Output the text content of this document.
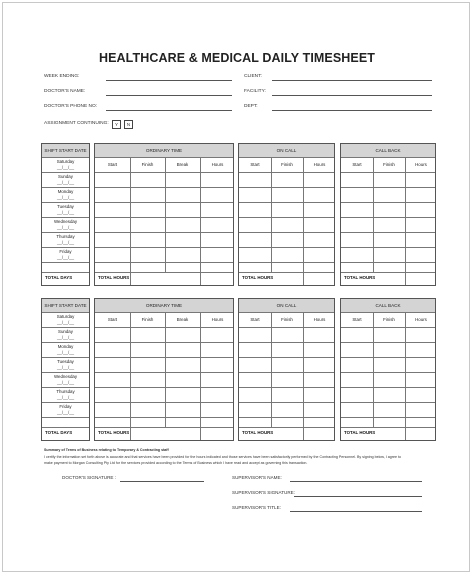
HEALTHCARE & MEDICAL DAILY TIMESHEET
WEEK ENDING:
DOCTOR'S NAME:
DOCTOR'S PHONE NO:
ASSIGNMENT CONTINUING:	Y	N
CLIENT:
FACILITY:
DEPT:
SHIFT START DATE
Saturday
__/__/__
Sunday
__/__/__
Monday
__/__/__
Tuesday
__/__/__
Wednesday
__/__/__
Thursday
__/__/__
Friday
__/__/__
TOTAL DAYS
ORDINARY TIME
Start	Finish	Break	Hours
TOTAL HOURS
ON CALL
Start	Finish	Hours
TOTAL HOURS
CALL BACK
Start	Finish	Hours
TOTAL HOURS
SHIFT START DATE
Saturday
__/__/__
Sunday
__/__/__
Monday
__/__/__
Tuesday
__/__/__
Wednesday
__/__/__
Thursday
__/__/__
Friday
__/__/__
TOTAL DAYS
ORDINARY TIME
Start	Finish	Break	Hours
TOTAL HOURS
ON CALL
Start	Finish	Hours
TOTAL HOURS
CALL BACK
Start	Finish	Hours
TOTAL HOURS
Summary of Terms of Business relating to Temporary & Contracting staff
I certify the information set forth above is accurate and that services have been provided for the hours indicated and those services have been satisfactorily performed by the Contracting Personnel. By signing below, I agree to
make payment to Morgan Consulting Pty Ltd for the services provided according to the Terms of Business which I have read and accept as governing this transaction.
DOCTOR'S SIGNATURE :	SUPERVISOR'S NAME:
SUPERVISOR'S SIGNATURE:
SUPERVISOR'S TITLE:
